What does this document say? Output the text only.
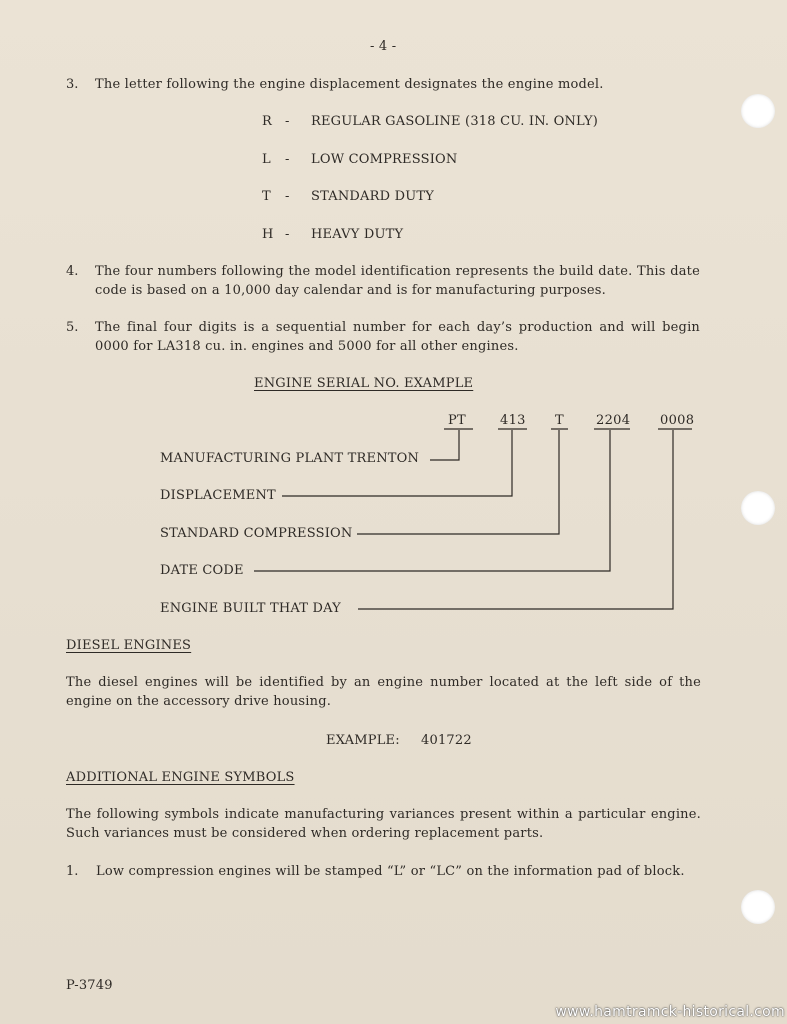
- 4 -
3. The letter following the engine displacement designates the engine model.
R - REGULAR GASOLINE (318 CU. IN. ONLY)
L - LOW COMPRESSION
T - STANDARD DUTY
H - HEAVY DUTY
4. The four numbers following the model identification represents the build date. This date code is based on a 10,000 day calendar and is for manufacturing purposes.
5. The final four digits is a sequential number for each day’s production and will begin 0000 for LA318 cu. in. engines and 5000 for all other engines.
ENGINE SERIAL NO. EXAMPLE
PT	413 T 2204 0008
MANUFACTURING PLANT TRENTON
DISPLACEMENT
STANDARD COMPRESSION
DATE CODE
ENGINE BUILT THAT DAY
DIESEL ENGINES
The diesel engines will be identified by an engine number located at the left side of the engine on the accessory drive housing.
EXAMPLE: 401722
ADDITIONAL ENGINE SYMBOLS
The following symbols indicate manufacturing variances present within a particular engine. Such variances must be considered when ordering replacement parts.
1. Low compression engines will be stamped “L” or “LC” on the information pad of block.
P-3749
www.hamtramck-historical.com
